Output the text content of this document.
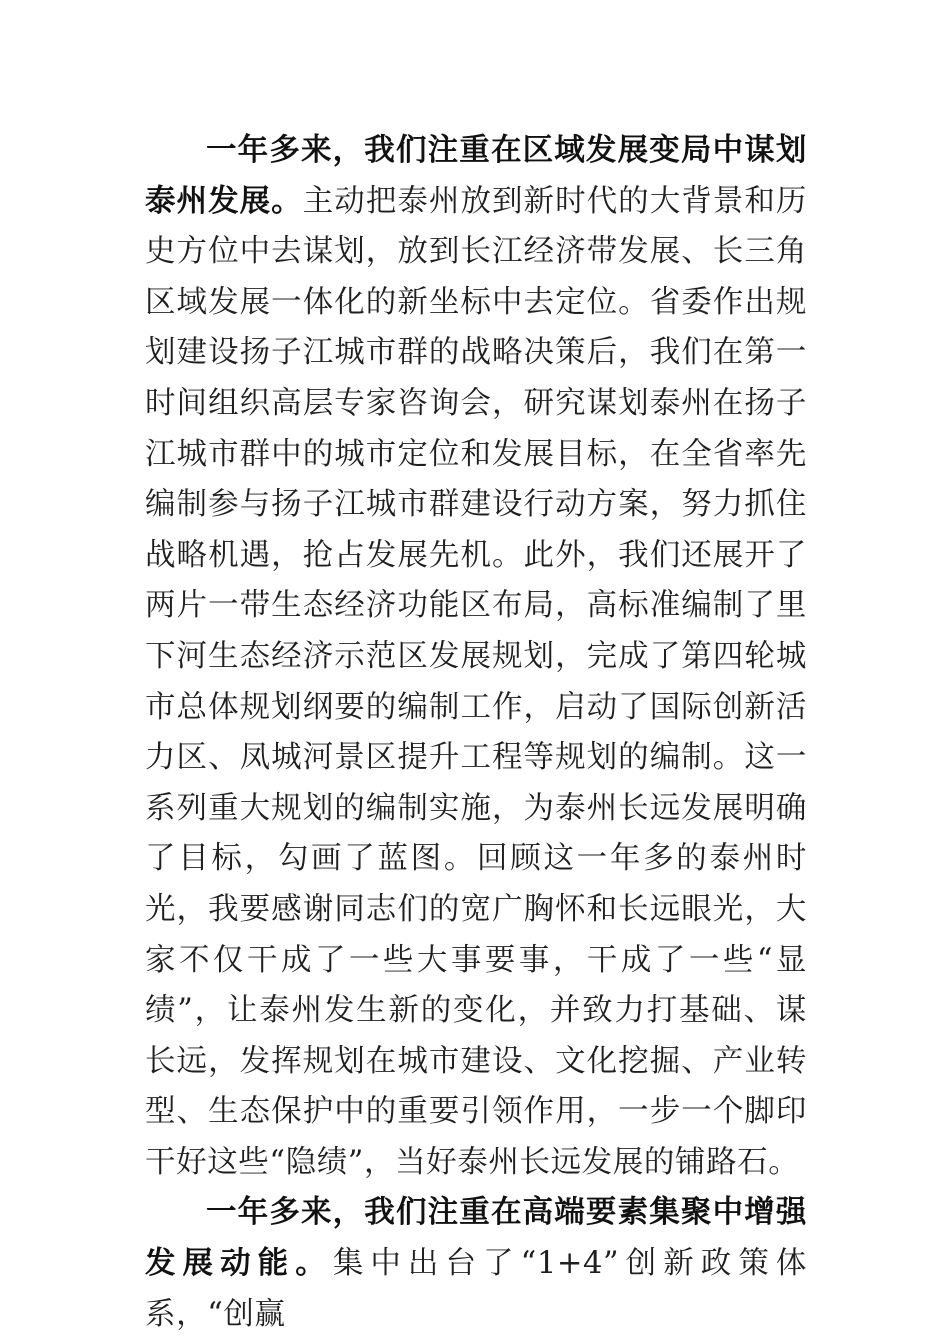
一年多来，我们注重在区域发展变局中谋划泰州发展。主动把泰州放到新时代的大背景和历史方位中去谋划，放到长江经济带发展、长三角区域发展一体化的新坐标中去定位。省委作出规划建设扬子江城市群的战略决策后，我们在第一时间组织高层专家咨询会，研究谋划泰州在扬子江城市群中的城市定位和发展目标，在全省率先编制参与扬子江城市群建设行动方案，努力抓住战略机遇，抢占发展先机。此外，我们还展开了两片一带生态经济功能区布局，高标准编制了里下河生态经济示范区发展规划，完成了第四轮城市总体规划纲要的编制工作，启动了国际创新活力区、凤城河景区提升工程等规划的编制。这一系列重大规划的编制实施，为泰州长远发展明确了目标，勾画了蓝图。回顾这一年多的泰州时光，我要感谢同志们的宽广胸怀和长远眼光，大家不仅干成了一些大事要事，干成了一些“显绩”，让泰州发生新的变化，并致力打基础、谋长远，发挥规划在城市建设、文化挖掘、产业转型、生态保护中的重要引领作用，一步一个脚印干好这些“隐绩”，当好泰州长远发展的铺路石。

一年多来，我们注重在高端要素集聚中增强发展动能。集中出台了“1+4”创新政策体系，“创赢
